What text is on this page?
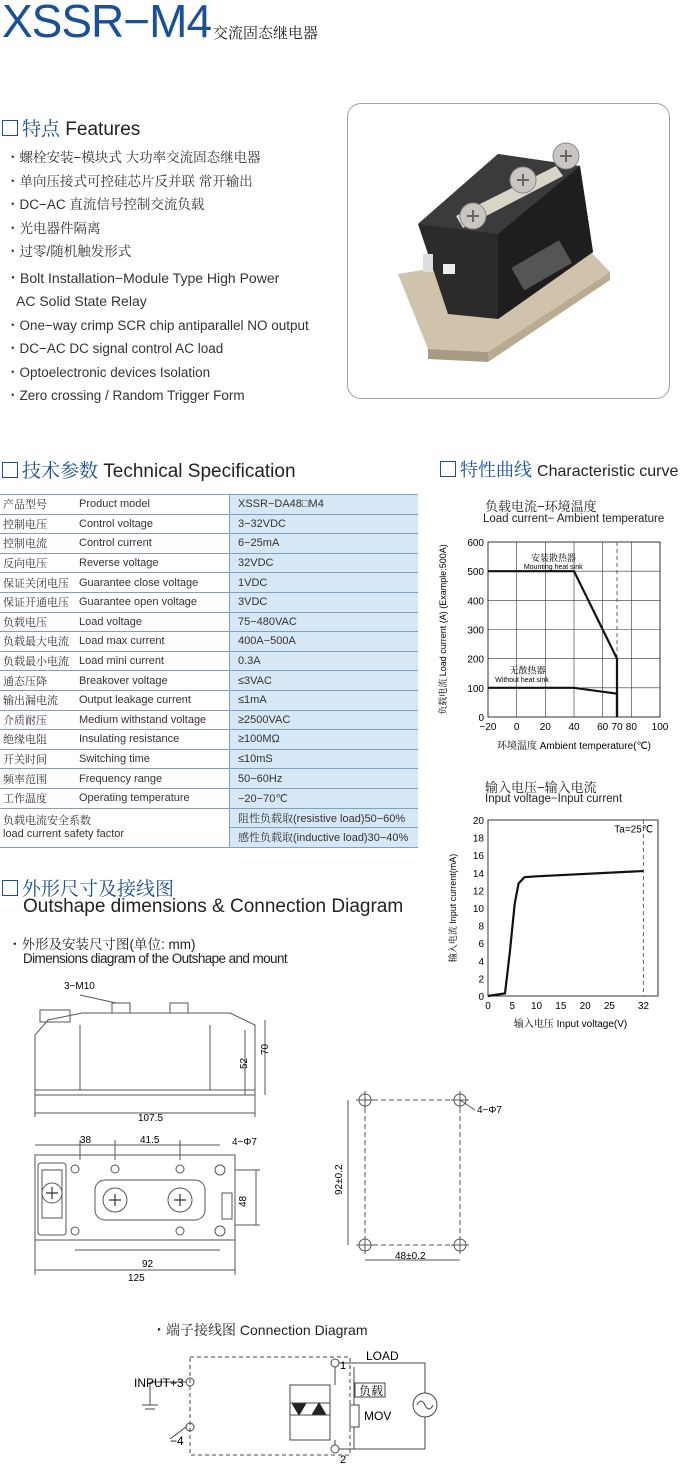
XSSR−M4 交流固态继电器
特点 Features
・螺栓安装−模块式 大功率交流固态继电器
・单向压接式可控硅芯片反并联 常开输出
・DC−AC 直流信号控制交流负载
・光电器件隔离
・过零/随机触发形式
・Bolt Installation−Module Type High Power
AC Solid State Relay
・One−way crimp SCR chip antiparallel NO output
・DC−AC DC signal control AC load
・Optoelectronic devices Isolation
・Zero crossing / Random Trigger Form
技术参数 Technical Specification
产品型号	Product model	XSSR−DA48□M4
控制电压	Control voltage	3−32VDC
控制电流	Control current	6−25mA
反向电压	Reverse voltage	32VDC
保证关闭电压	Guarantee close voltage	1VDC
保证开通电压	Guarantee open voltage	3VDC
负载电压	Load voltage	75−480VAC
负载最大电流	Load max current	400A−500A
负载最小电流	Load mini current	0.3A
通态压降	Breakover voltage	≤3VAC
输出漏电流	Output leakage current	≤1mA
介质耐压	Medium withstand voltage	≥2500VAC
绝缘电阻	Insulating resistance	≥100MΩ
开关时间	Switching time	≤10mS
频率范围	Frequency range	50−60Hz
工作温度	Operating temperature	−20−70℃
负载电流安全系数
load current safety factor		阻性负载取(resistive load)50−60%
		感性负载取(inductive load)30−40%
特性曲线 Characteristic curve
负载电流−环境温度
Load current− Ambient temperature
−20 0 20 40 60 70 80 100
0
100
200
300
400
500
600
环境温度 Ambient temperature(℃)
负载电流 Load current (A) (Example:500A)	安装散热器
Mounting heat sink
无散热器
Without heat sink
输入电压−输入电流
Input voltage−Input current
0 5 10 15 20 25 32
0
2
4
6
8
10
12
14
16
18
20
输入电压 Input voltage(V)
输入电流 Input current(mA)
Ta=25℃
外形尺寸及接线图
Outshape dimensions & Connection Diagram
・外形及安装尺寸图(单位: mm)
Dimensions diagram of the Outshape and mount
3−M10
107.5
52
70
38	41.5	4−Φ7
48
92
125
4−Φ7
92±0.2
48±0.2
・端子接线图 Connection Diagram
INPUT+3
−4
1
2
MOV
LOAD
负载
